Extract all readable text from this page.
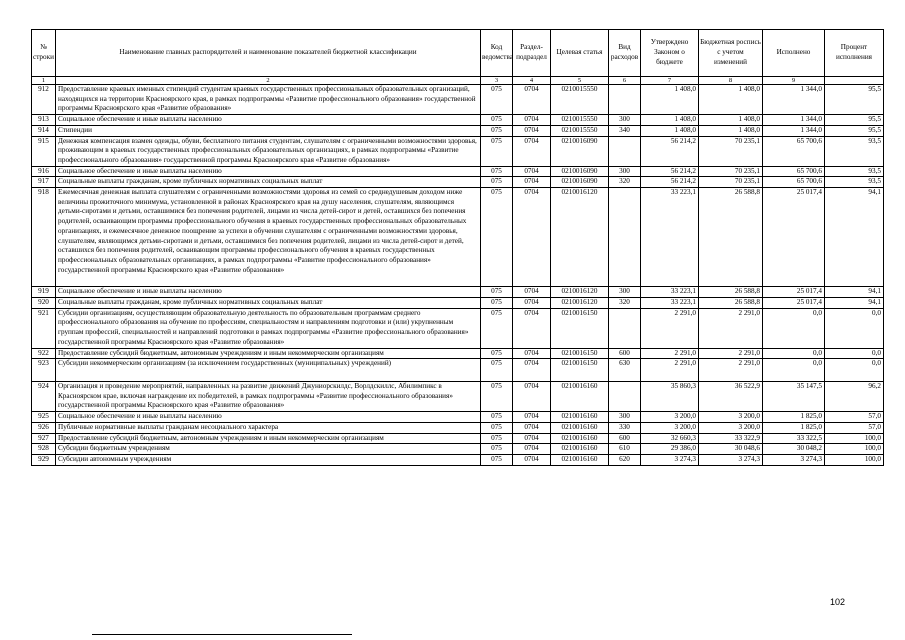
№ строки	Наименование главных распорядителей и наименование показателей бюджетной классификации	Код ведомства	Раздел-подраздел	Целевая статья	Вид расходов	Утверждено Законом о бюджете	Бюджетная роспись с учетом изменений	Исполнено	Процент исполнения
1	2	3	4	5	6	7	8	9	
912	Предоставление краевых именных стипендий студентам краевых государственных профессиональных образовательных организаций, находящихся на территории Красноярского края, в рамках подпрограммы «Развитие профессионального образования» государственной программы Красноярского края «Развитие образования»	075	0704	0210015550		1 408,0	1 408,0	1 344,0	95,5
913	Социальное обеспечение и иные выплаты населению	075	0704	0210015550	300	1 408,0	1 408,0	1 344,0	95,5
914	Стипендии	075	0704	0210015550	340	1 408,0	1 408,0	1 344,0	95,5
915	Денежная компенсация взамен одежды, обуви, бесплатного питания студентам, слушателям с ограниченными возможностями здоровья, проживающим в краевых государственных профессиональных образовательных организациях, в рамках подпрограммы «Развитие профессионального образования» государственной программы Красноярского края «Развитие образования»	075	0704	0210016090		56 214,2	70 235,1	65 700,6	93,5
916	Социальное обеспечение и иные выплаты населению	075	0704	0210016090	300	56 214,2	70 235,1	65 700,6	93,5
917	Социальные выплаты гражданам, кроме публичных нормативных социальных выплат	075	0704	0210016090	320	56 214,2	70 235,1	65 700,6	93,5
918	Ежемесячная денежная выплата слушателям с ограниченными возможностями здоровья из семей со среднедушевым доходом ниже величины прожиточного минимума, установленной в районах Красноярского края на душу населения, слушателям, являющимся детьми-сиротами и детьми, оставшимися без попечения родителей, лицами из числа детей-сирот и детей, оставшихся без попечения родителей, осваивающим программы профессионального обучения в краевых государственных профессиональных образовательных организациях, и ежемесячное денежное поощрение за успехи в обучении слушателям с ограниченными возможностями здоровья, слушателям, являющимся детьми-сиротами и детьми, оставшимися без попечения родителей, лицами из числа детей-сирот и детей, оставшихся без попечения родителей, осваивающим программы профессионального обучения в краевых государственных профессиональных образовательных организациях, в рамках подпрограммы «Развитие профессионального образования» государственной программы Красноярского края «Развитие образования»	075	0704	0210016120		33 223,1	26 588,8	25 017,4	94,1
919	Социальное обеспечение и иные выплаты населению	075	0704	0210016120	300	33 223,1	26 588,8	25 017,4	94,1
920	Социальные выплаты гражданам, кроме публичных нормативных социальных выплат	075	0704	0210016120	320	33 223,1	26 588,8	25 017,4	94,1
921	Субсидии организациям, осуществляющим образовательную деятельность по образовательным программам среднего профессионального образования на обучение по профессиям, специальностям и направлениям подготовки и (или) укрупненным группам профессий, специальностей и направлений подготовки в рамках подпрограммы «Развитие профессионального образования» государственной программы Красноярского края «Развитие образования»	075	0704	0210016150		2 291,0	2 291,0	0,0	0,0
922	Предоставление субсидий бюджетным, автономным учреждениям и иным некоммерческим организациям	075	0704	0210016150	600	2 291,0	2 291,0	0,0	0,0
923	Субсидии некоммерческим организациям (за исключением государственных (муниципальных) учреждений)	075	0704	0210016150	630	2 291,0	2 291,0	0,0	0,0
924	Организация и проведение мероприятий, направленных на развитие движений Джуниорскилдс, Ворлдскиллс, Абилимпикс в Красноярском крае, включая награждение их победителей, в рамках подпрограммы «Развитие профессионального образования» государственной программы Красноярского края «Развитие образования»	075	0704	0210016160		35 860,3	36 522,9	35 147,5	96,2
925	Социальное обеспечение и иные выплаты населению	075	0704	0210016160	300	3 200,0	3 200,0	1 825,0	57,0
926	Публичные нормативные выплаты гражданам несоциального характера	075	0704	0210016160	330	3 200,0	3 200,0	1 825,0	57,0
927	Предоставление субсидий бюджетным, автономным учреждениям и иным некоммерческим организациям	075	0704	0210016160	600	32 660,3	33 322,9	33 322,5	100,0
928	Субсидии бюджетным учреждениям	075	0704	0210016160	610	29 386,0	30 048,6	30 048,2	100,0
929	Субсидии автономным учреждениям	075	0704	0210016160	620	3 274,3	3 274,3	3 274,3	100,0
102
